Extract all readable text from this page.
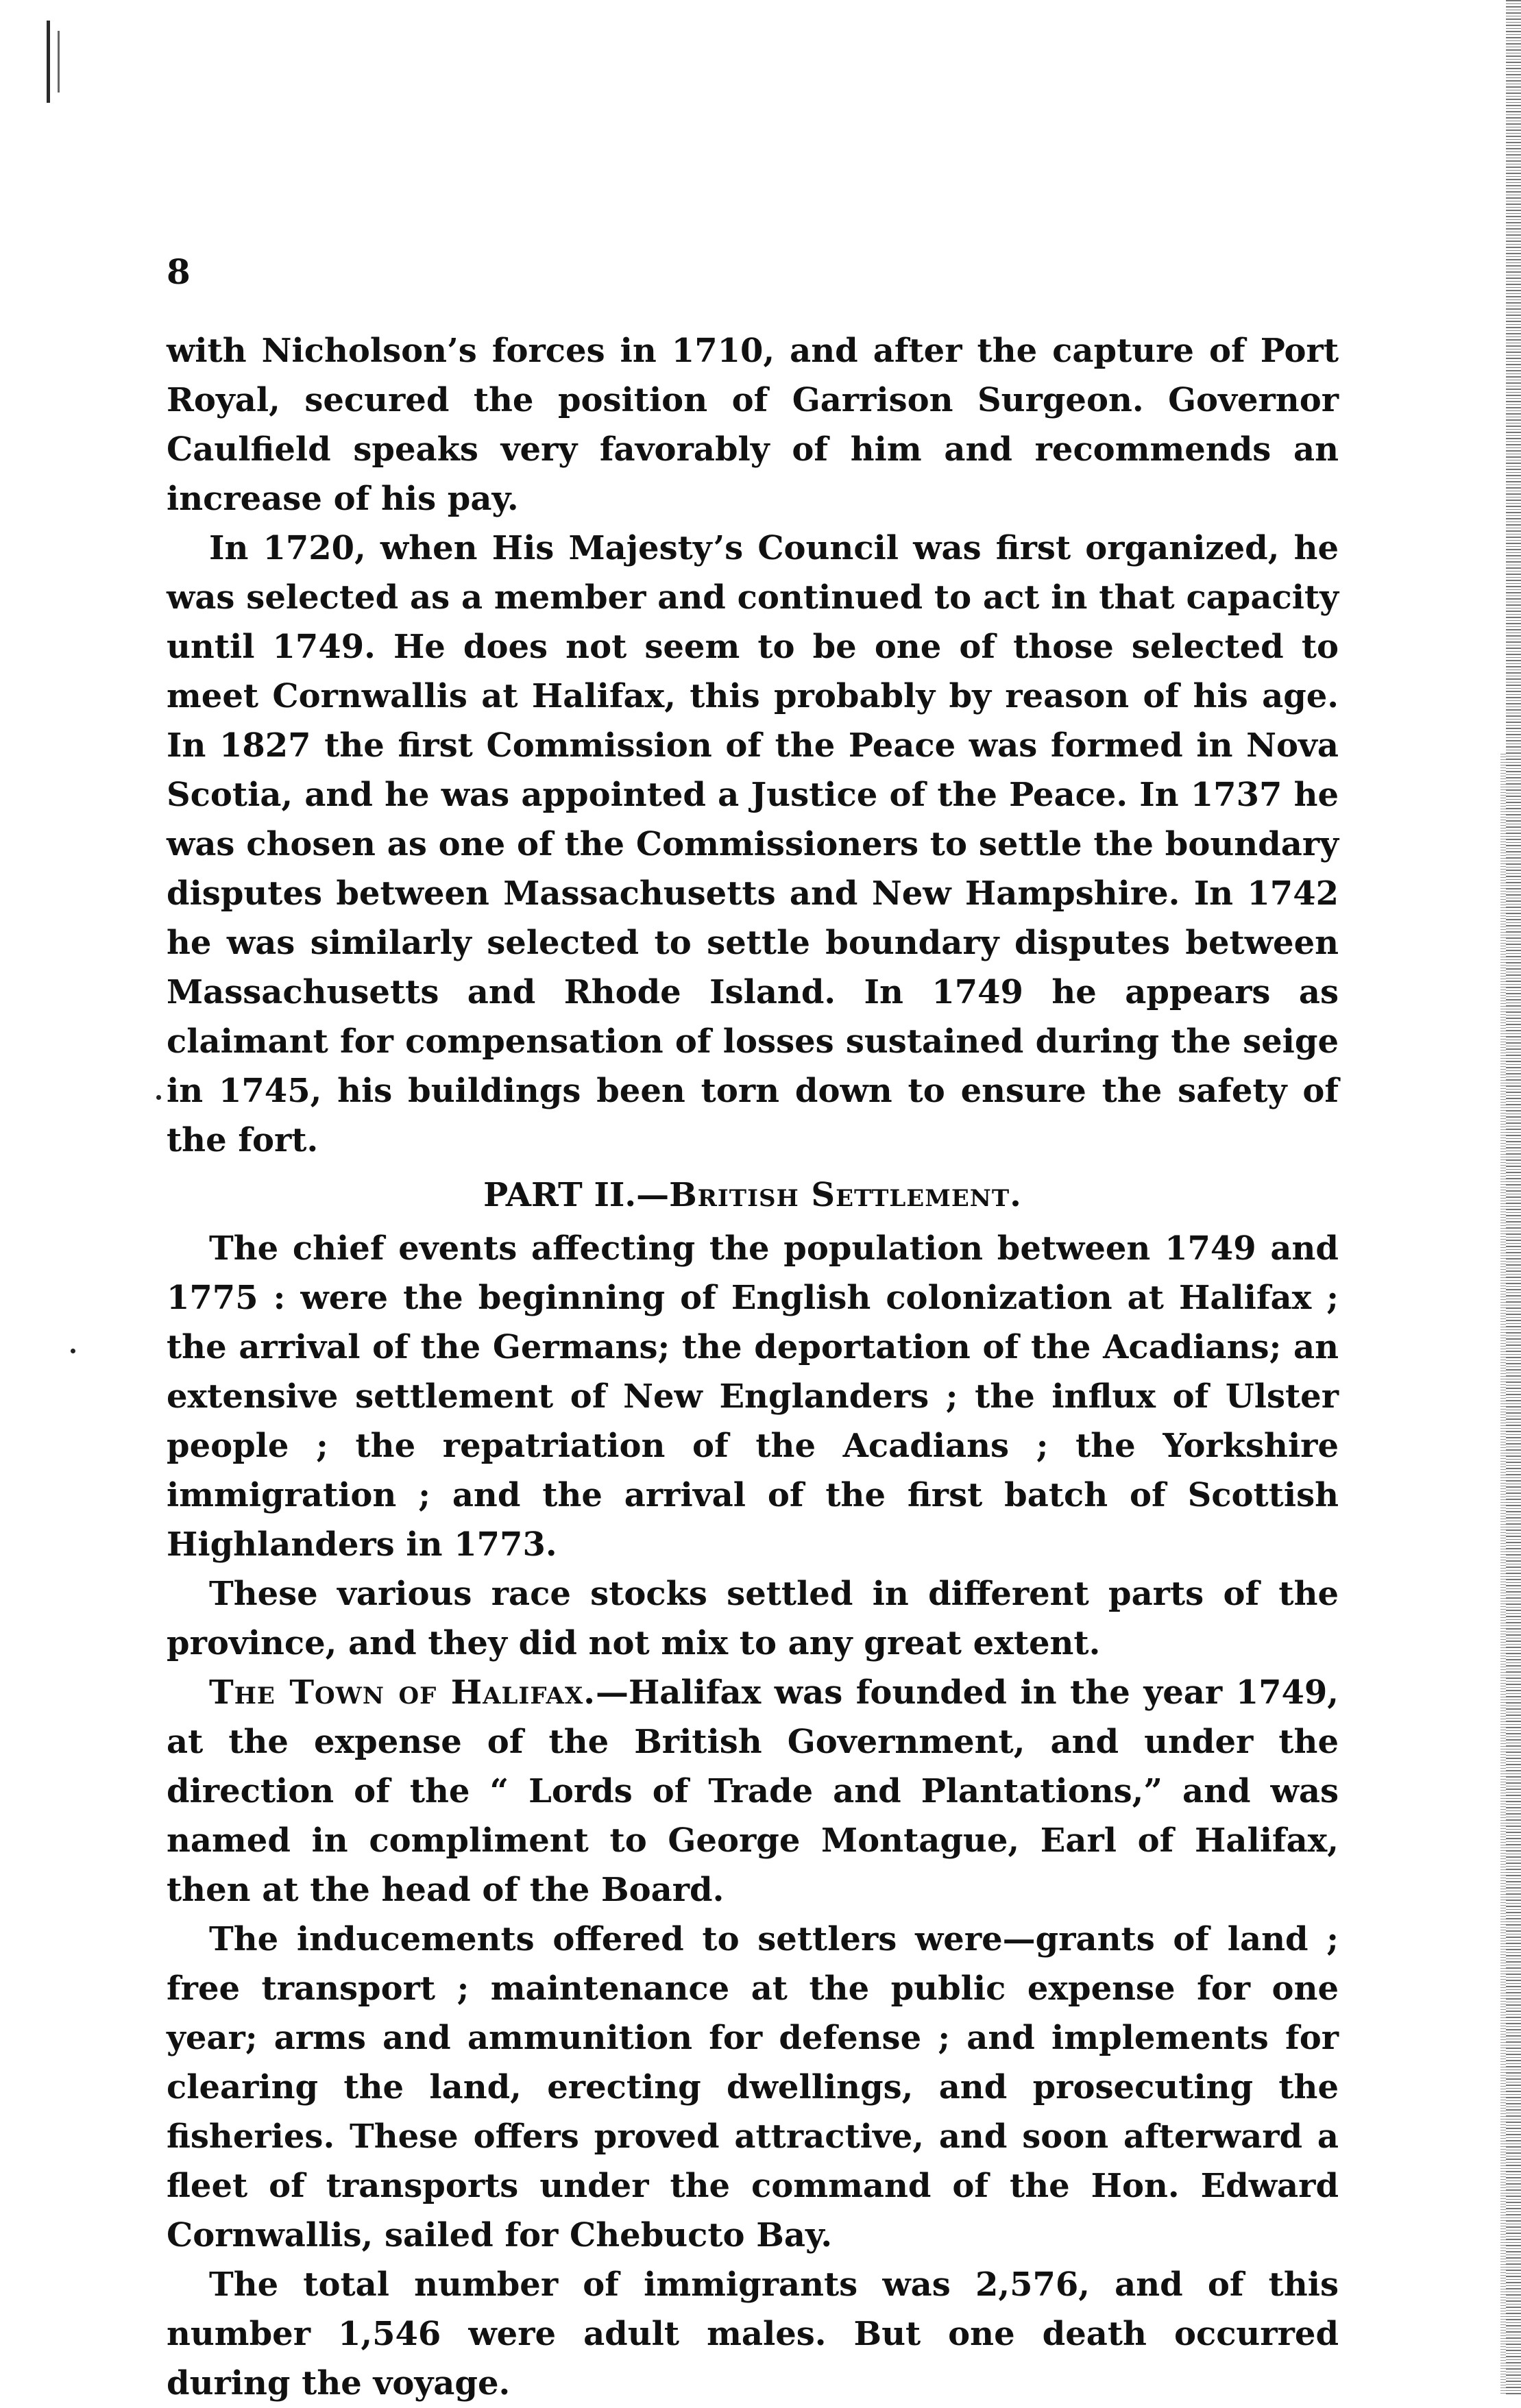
8

with Nicholson’s forces in 1710, and after the capture of Port Royal, secured the position of Garrison Surgeon. Governor Caulfield speaks very favorably of him and recommends an increase of his pay.

In 1720, when His Majesty’s Council was first organized, he was selected as a member and continued to act in that capacity until 1749. He does not seem to be one of those selected to meet Cornwallis at Halifax, this probably by reason of his age. In 1827 the first Commission of the Peace was formed in Nova Scotia, and he was appointed a Justice of the Peace. In 1737 he was chosen as one of the Commissioners to settle the boundary disputes between Massachusetts and New Hampshire. In 1742 he was similarly selected to settle boundary disputes between Massachusetts and Rhode Island. In 1749 he appears as claimant for compensation of losses sustained during the seige in 1745, his buildings been torn down to ensure the safety of the fort.

PART II.—British Settlement.

The chief events affecting the population between 1749 and 1775 : were the beginning of English colonization at Halifax ; the arrival of the Germans; the deportation of the Acadians; an extensive settlement of New Englanders ; the influx of Ulster people ; the repatriation of the Acadians ; the Yorkshire immigration ; and the arrival of the first batch of Scottish Highlanders in 1773.

These various race stocks settled in different parts of the province, and they did not mix to any great extent.

The Town of Halifax.—Halifax was founded in the year 1749, at the expense of the British Government, and under the direction of the “ Lords of Trade and Plantations,” and was named in compliment to George Montague, Earl of Halifax, then at the head of the Board.

The inducements offered to settlers were—grants of land ; free transport ; maintenance at the public expense for one year; arms and ammunition for defense ; and implements for clearing the land, erecting dwellings, and prosecuting the fisheries. These offers proved attractive, and soon afterward a fleet of transports under the command of the Hon. Edward Cornwallis, sailed for Chebucto Bay.

The total number of immigrants was 2,576, and of this number 1,546 were adult males. But one death occurred during the voyage.
